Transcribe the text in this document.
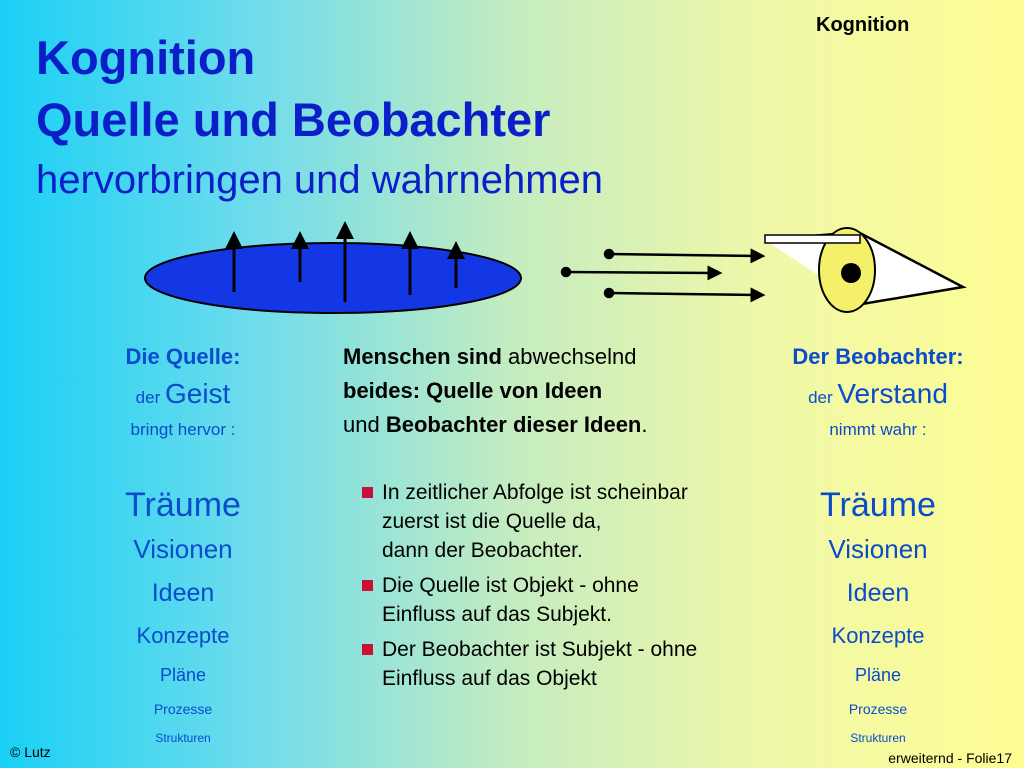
Kognition
Kognition
Quelle und Beobachter
hervorbringen und wahrnehmen
Die Quelle:
der Geist
bringt hervor :
Träume
Visionen
Ideen
Konzepte
Pläne
Prozesse
Strukturen
Menschen sind abwechselnd
beides: Quelle von Ideen
und Beobachter dieser Ideen.
In zeitlicher Abfolge ist scheinbar
zuerst ist die Quelle da,
dann der Beobachter.
Die Quelle ist Objekt - ohne
Einfluss auf das Subjekt.
Der Beobachter ist Subjekt - ohne
Einfluss auf das Objekt
Der Beobachter:
der Verstand
nimmt wahr :
Träume
Visionen
Ideen
Konzepte
Pläne
Prozesse
Strukturen
© Lutz	erweiternd - Folie17
